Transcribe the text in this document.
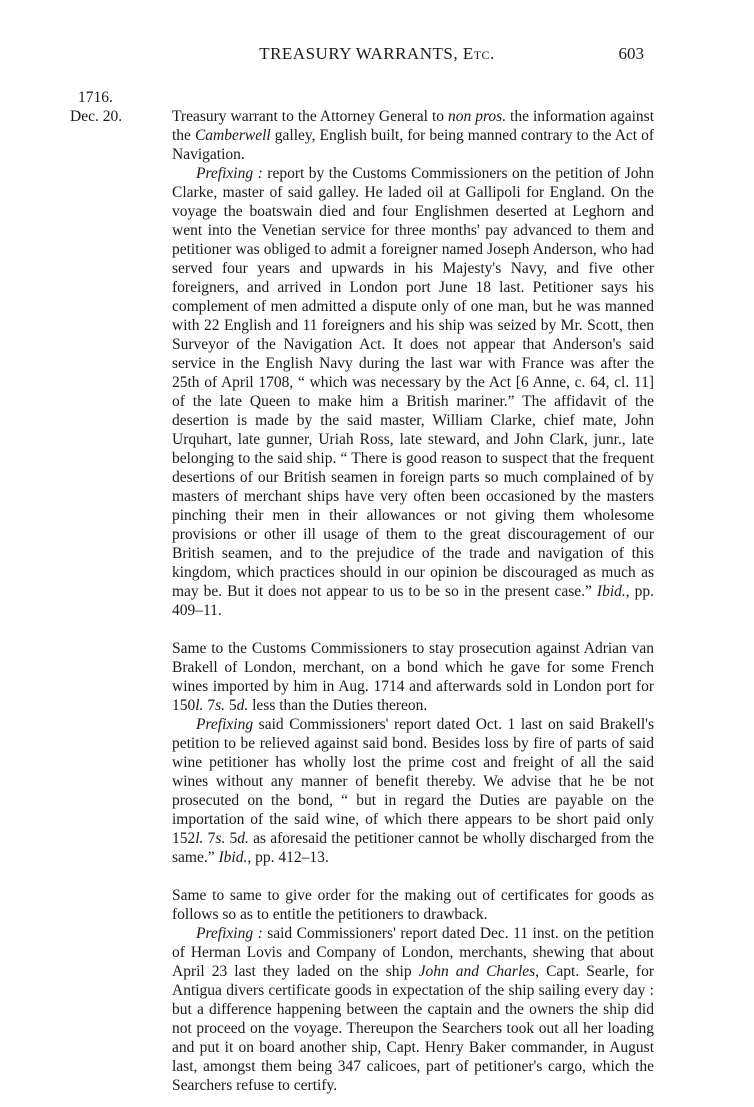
TREASURY WARRANTS, Etc.	603
1716.
Dec. 20.	Treasury warrant to the Attorney General to non pros. the information against the Camberwell galley, English built, for being manned contrary to the Act of Navigation.

Prefixing : report by the Customs Commissioners on the petition of John Clarke, master of said galley. He laded oil at Gallipoli for England. On the voyage the boatswain died and four Englishmen deserted at Leghorn and went into the Venetian service for three months' pay advanced to them and petitioner was obliged to admit a foreigner named Joseph Anderson, who had served four years and upwards in his Majesty's Navy, and five other foreigners, and arrived in London port June 18 last. Petitioner says his complement of men admitted a dispute only of one man, but he was manned with 22 English and 11 foreigners and his ship was seized by Mr. Scott, then Surveyor of the Navigation Act. It does not appear that Anderson's said service in the English Navy during the last war with France was after the 25th of April 1708, “ which was necessary by the Act [6 Anne, c. 64, cl. 11] of the late Queen to make him a British mariner.” The affidavit of the desertion is made by the said master, William Clarke, chief mate, John Urquhart, late gunner, Uriah Ross, late steward, and John Clark, junr., late belonging to the said ship. “ There is good reason to suspect that the frequent desertions of our British seamen in foreign parts so much complained of by masters of merchant ships have very often been occasioned by the masters pinching their men in their allowances or not giving them wholesome provisions or other ill usage of them to the great discouragement of our British seamen, and to the prejudice of the trade and navigation of this kingdom, which practices should in our opinion be discouraged as much as may be. But it does not appear to us to be so in the present case.” Ibid., pp. 409–11.

Same to the Customs Commissioners to stay prosecution against Adrian van Brakell of London, merchant, on a bond which he gave for some French wines imported by him in Aug. 1714 and afterwards sold in London port for 150l. 7s. 5d. less than the Duties thereon.

Prefixing said Commissioners' report dated Oct. 1 last on said Brakell's petition to be relieved against said bond. Besides loss by fire of parts of said wine petitioner has wholly lost the prime cost and freight of all the said wines without any manner of benefit thereby. We advise that he be not prosecuted on the bond, “ but in regard the Duties are payable on the importation of the said wine, of which there appears to be short paid only 152l. 7s. 5d. as aforesaid the petitioner cannot be wholly discharged from the same.” Ibid., pp. 412–13.

Same to same to give order for the making out of certificates for goods as follows so as to entitle the petitioners to drawback.

Prefixing : said Commissioners' report dated Dec. 11 inst. on the petition of Herman Lovis and Company of London, merchants, shewing that about April 23 last they laded on the ship John and Charles, Capt. Searle, for Antigua divers certificate goods in expectation of the ship sailing every day : but a difference happening between the captain and the owners the ship did not proceed on the voyage. Thereupon the Searchers took out all her loading and put it on board another ship, Capt. Henry Baker commander, in August last, amongst them being 347 calicoes, part of petitioner's cargo, which the Searchers refuse to certify.
